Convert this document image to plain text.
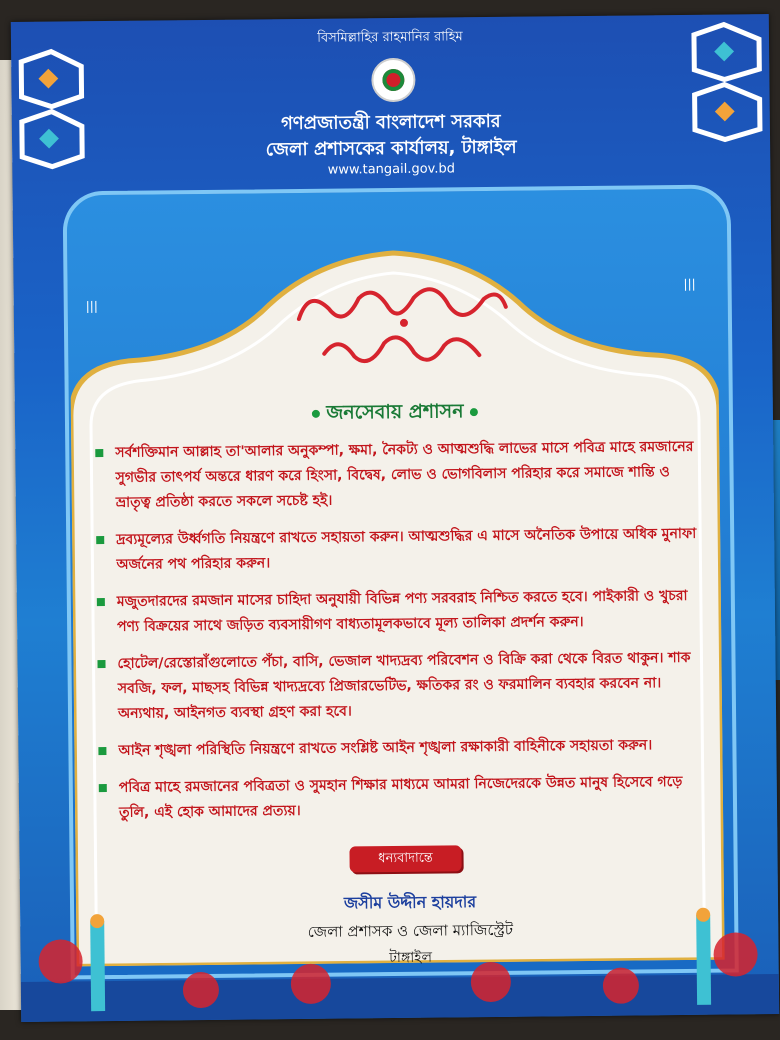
বিসমিল্লাহির রাহমানির রাহিম
গণপ্রজাতন্ত্রী বাংলাদেশ সরকার
জেলা প্রশাসকের কার্যালয়, টাঙ্গাইল
www.tangail.gov.bd
|||
|||
জনসেবায় প্রশাসন
সর্বশক্তিমান আল্লাহ তা'আলার অনুকম্পা, ক্ষমা, নৈকট্য ও আত্মশুদ্ধি লাভের মাসে পবিত্র মাহে রমজানের সুগভীর তাৎপর্য অন্তরে ধারণ করে হিংসা, বিদ্বেষ, লোভ ও ভোগবিলাস পরিহার করে সমাজে শান্তি ও ভ্রাতৃত্ব প্রতিষ্ঠা করতে সকলে সচেষ্ট হই।
দ্রব্যমূল্যের উর্ধ্বগতি নিয়ন্ত্রণে রাখতে সহায়তা করুন। আত্মশুদ্ধির এ মাসে অনৈতিক উপায়ে অধিক মুনাফা অর্জনের পথ পরিহার করুন।
মজুতদারদের রমজান মাসের চাহিদা অনুযায়ী বিভিন্ন পণ্য সরবরাহ নিশ্চিত করতে হবে। পাইকারী ও খুচরা পণ্য বিক্রয়ের সাথে জড়িত ব্যবসায়ীগণ বাধ্যতামূলকভাবে মূল্য তালিকা প্রদর্শন করুন।
হোটেল/রেস্তোরাঁগুলোতে পঁচা, বাসি, ভেজাল খাদ্যদ্রব্য পরিবেশন ও বিক্রি করা থেকে বিরত থাকুন। শাক সবজি, ফল, মাছসহ বিভিন্ন খাদ্যদ্রব্যে প্রিজারভেটিভ, ক্ষতিকর রং ও ফরমালিন ব্যবহার করবেন না। অন্যথায়, আইনগত ব্যবস্থা গ্রহণ করা হবে।
আইন শৃঙ্খলা পরিস্থিতি নিয়ন্ত্রণে রাখতে সংশ্লিষ্ট আইন শৃঙ্খলা রক্ষাকারী বাহিনীকে সহায়তা করুন।
পবিত্র মাহে রমজানের পবিত্রতা ও সুমহান শিক্ষার মাধ্যমে আমরা নিজেদেরকে উন্নত মানুষ হিসেবে গড়ে তুলি, এই হোক আমাদের প্রত্যয়।
ধন্যবাদান্তে
জসীম উদ্দীন হায়দার
জেলা প্রশাসক ও জেলা ম্যাজিস্ট্রেট
টাঙ্গাইল
